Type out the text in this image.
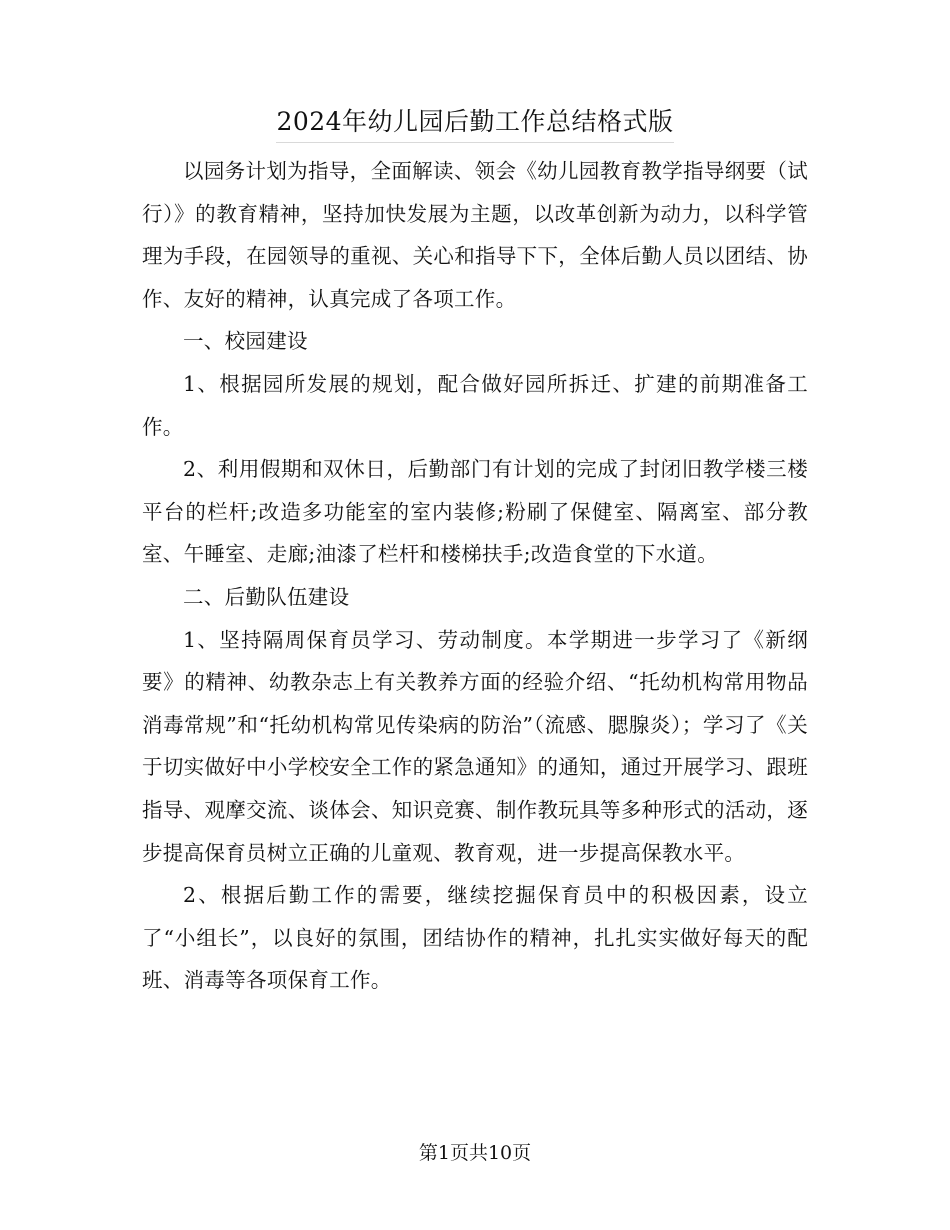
2024年幼儿园后勤工作总结格式版

以园务计划为指导，全面解读、领会《幼儿园教育教学指导纲要（试行）》的教育精神，坚持加快发展为主题，以改革创新为动力，以科学管理为手段，在园领导的重视、关心和指导下下，全体后勤人员以团结、协作、友好的精神，认真完成了各项工作。

一、校园建设

1、根据园所发展的规划，配合做好园所拆迁、扩建的前期准备工作。

2、利用假期和双休日，后勤部门有计划的完成了封闭旧教学楼三楼平台的栏杆;改造多功能室的室内装修;粉刷了保健室、隔离室、部分教室、午睡室、走廊;油漆了栏杆和楼梯扶手;改造食堂的下水道。

二、后勤队伍建设

1、坚持隔周保育员学习、劳动制度。本学期进一步学习了《新纲要》的精神、幼教杂志上有关教养方面的经验介绍、“托幼机构常用物品消毒常规”和“托幼机构常见传染病的防治”（流感、腮腺炎）；学习了《关于切实做好中小学校安全工作的紧急通知》的通知，通过开展学习、跟班指导、观摩交流、谈体会、知识竞赛、制作教玩具等多种形式的活动，逐步提高保育员树立正确的儿童观、教育观，进一步提高保教水平。

2、根据后勤工作的需要，继续挖掘保育员中的积极因素，设立了“小组长”，以良好的氛围，团结协作的精神，扎扎实实做好每天的配班、消毒等各项保育工作。

第1页共10页
